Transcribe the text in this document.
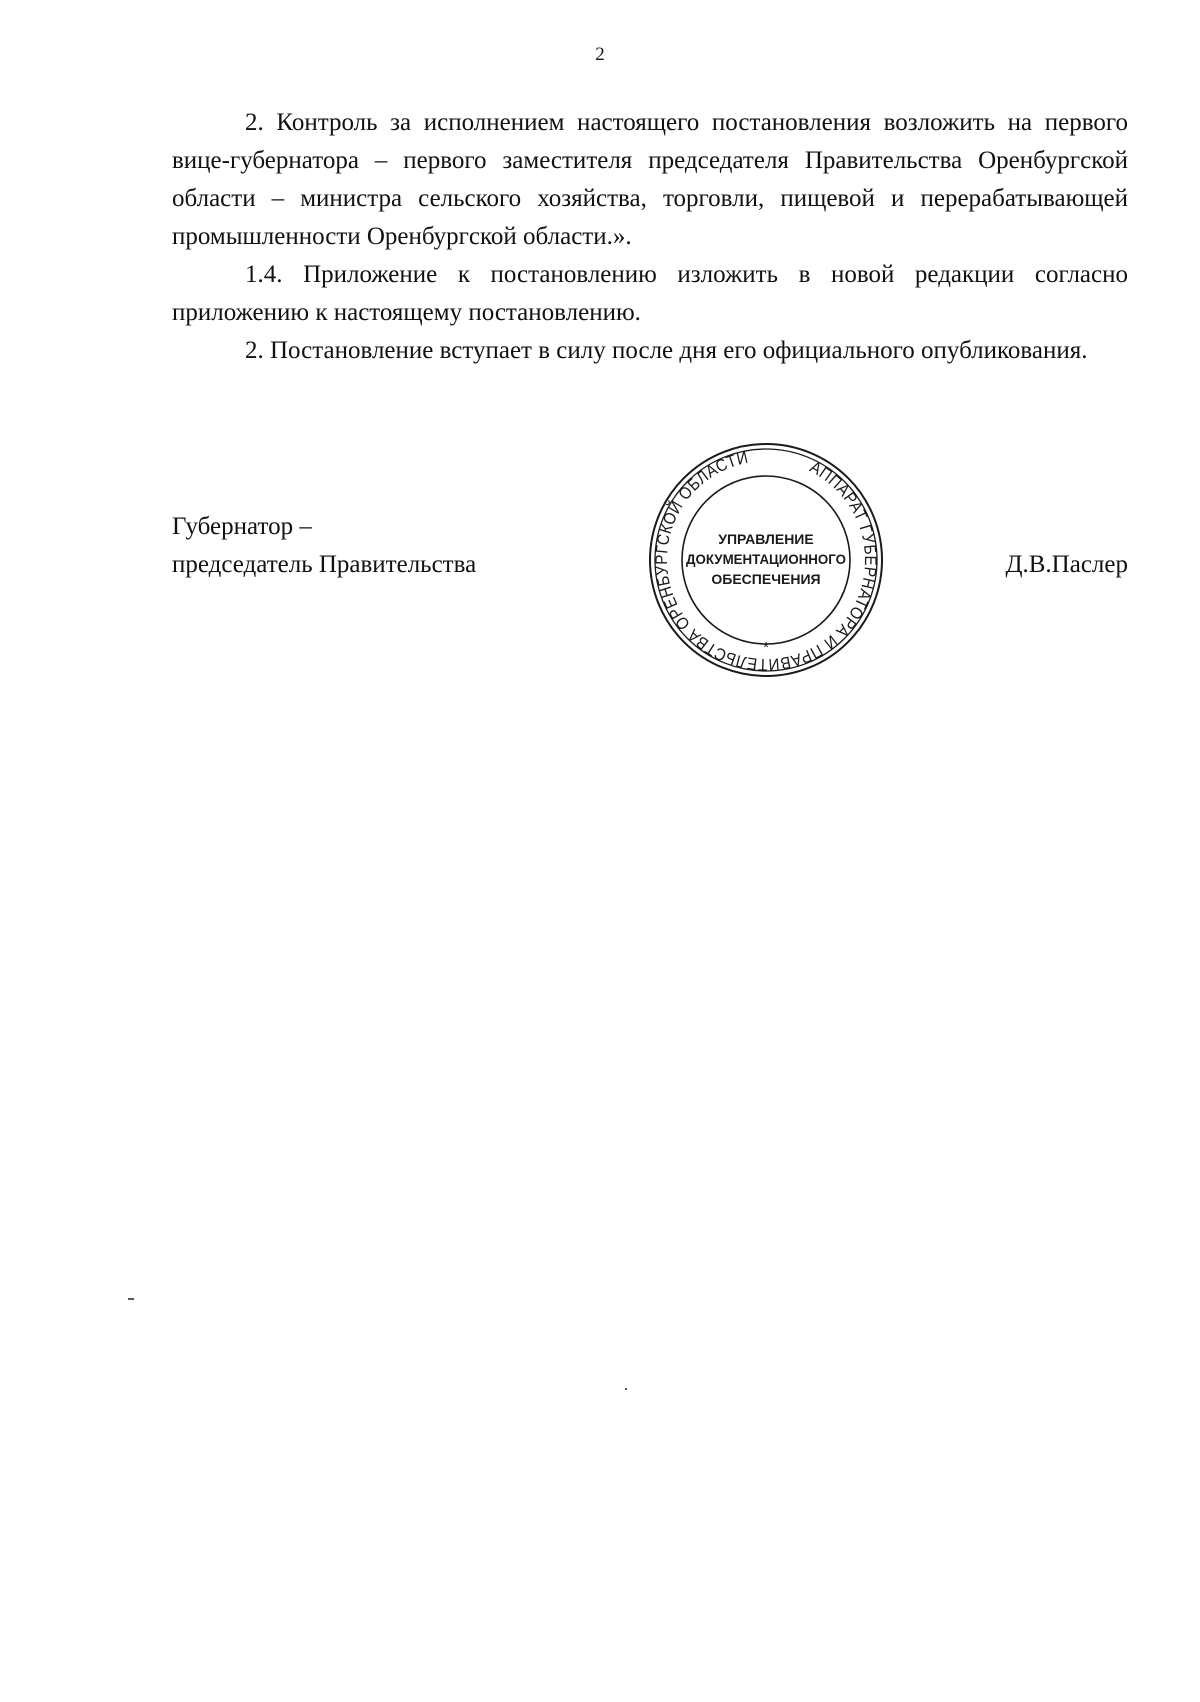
2

2. Контроль за исполнением настоящего постановления возложить на первого вице-губернатора – первого заместителя председателя Правительства Оренбургской области – министра сельского хозяйства, торговли, пищевой и перерабатывающей промышленности Оренбургской области.».

1.4. Приложение к постановлению изложить в новой редакции согласно приложению к настоящему постановлению.

2. Постановление вступает в силу после дня его официального опубликования.

Губернатор –
председатель Правительства	Д.В.Паслер
АППАРАТ ГУБЕРНАТОРА И ПРАВИТЕЛЬСТВА ОРЕНБУРГСКОЙ ОБЛАСТИ
*
УПРАВЛЕНИЕ
ДОКУМЕНТАЦИОННОГО
ОБЕСПЕЧЕНИЯ
